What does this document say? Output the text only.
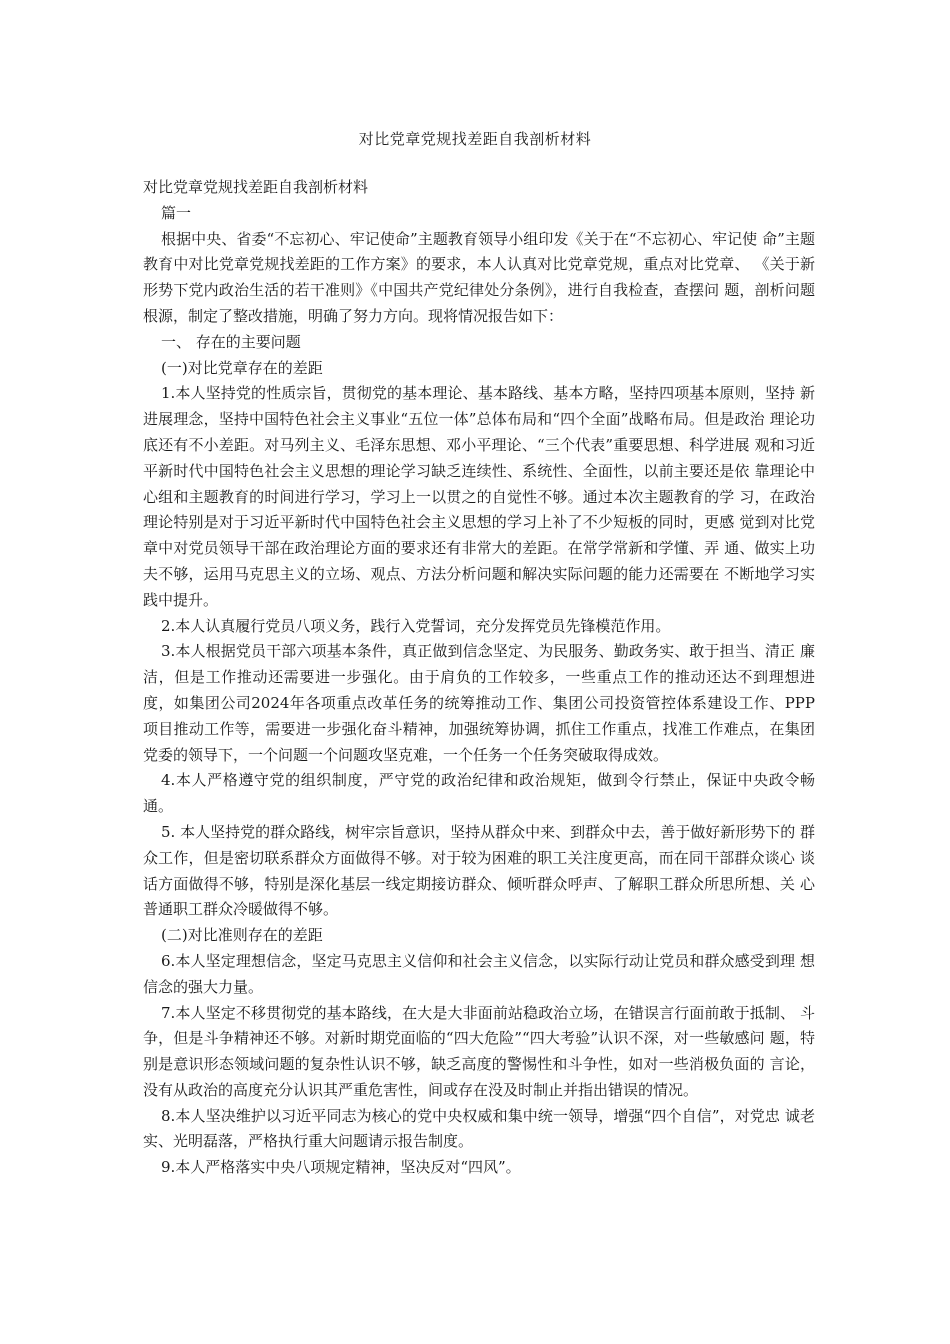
对比党章党规找差距自我剖析材料

对比党章党规找差距自我剖析材料

篇一

根据中央、省委“不忘初心、牢记使命”主题教育领导小组印发《关于在“不忘初心、牢记使 命”主题教育中对比党章党规找差距的工作方案》的要求，本人认真对比党章党规，重点对比党章、 《关于新形势下党内政治生活的若干准则》《中国共产党纪律处分条例》，进行自我检查，查摆问 题，剖析问题根源，制定了整改措施，明确了努力方向。现将情况报告如下：

一、 存在的主要问题

(一)对比党章存在的差距

1.本人坚持党的性质宗旨，贯彻党的基本理论、基本路线、基本方略，坚持四项基本原则，坚持 新进展理念，坚持中国特色社会主义事业“五位一体”总体布局和“四个全面”战略布局。但是政治 理论功底还有不小差距。对马列主义、毛泽东思想、邓小平理论、“三个代表”重要思想、科学进展 观和习近平新时代中国特色社会主义思想的理论学习缺乏连续性、系统性、全面性，以前主要还是依 靠理论中心组和主题教育的时间进行学习，学习上一以贯之的自觉性不够。通过本次主题教育的学 习，在政治理论特别是对于习近平新时代中国特色社会主义思想的学习上补了不少短板的同时，更感 觉到对比党章中对党员领导干部在政治理论方面的要求还有非常大的差距。在常学常新和学懂、弄 通、做实上功夫不够，运用马克思主义的立场、观点、方法分析问题和解决实际问题的能力还需要在 不断地学习实践中提升。

2.本人认真履行党员八项义务，践行入党誓词，充分发挥党员先锋模范作用。

3.本人根据党员干部六项基本条件，真正做到信念坚定、为民服务、勤政务实、敢于担当、清正 廉洁，但是工作推动还需要进一步强化。由于肩负的工作较多，一些重点工作的推动还达不到理想进 度，如集团公司2024年各项重点改革任务的统筹推动工作、集团公司投资管控体系建设工作、PPP 项目推动工作等，需要进一步强化奋斗精神，加强统筹协调，抓住工作重点，找准工作难点，在集团 党委的领导下，一个问题一个问题攻坚克难，一个任务一个任务突破取得成效。

4.本人严格遵守党的组织制度，严守党的政治纪律和政治规矩，做到令行禁止，保证中央政令畅 通。

5. 本人坚持党的群众路线，树牢宗旨意识，坚持从群众中来、到群众中去，善于做好新形势下的 群众工作，但是密切联系群众方面做得不够。对于较为困难的职工关注度更高，而在同干部群众谈心 谈话方面做得不够，特别是深化基层一线定期接访群众、倾听群众呼声、了解职工群众所思所想、关 心普通职工群众冷暖做得不够。

(二)对比准则存在的差距

6.本人坚定理想信念，坚定马克思主义信仰和社会主义信念，以实际行动让党员和群众感受到理 想信念的强大力量。

7.本人坚定不移贯彻党的基本路线，在大是大非面前站稳政治立场，在错误言行面前敢于抵制、 斗争，但是斗争精神还不够。对新时期党面临的“四大危险”“四大考验”认识不深，对一些敏感问 题，特别是意识形态领域问题的复杂性认识不够，缺乏高度的警惕性和斗争性，如对一些消极负面的 言论，没有从政治的高度充分认识其严重危害性，间或存在没及时制止并指出错误的情况。

8.本人坚决维护以习近平同志为核心的党中央权威和集中统一领导，增强“四个自信”，对党忠 诚老实、光明磊落，严格执行重大问题请示报告制度。

9.本人严格落实中央八项规定精神，坚决反对“四风”。
